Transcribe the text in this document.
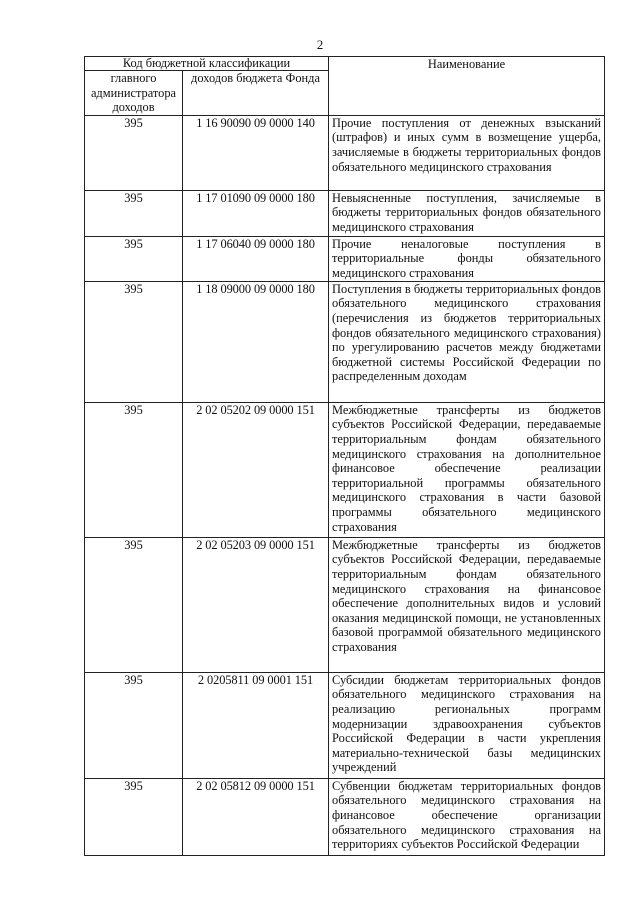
2
Код бюджетной классификации		Наименование
главного администратора доходов	доходов бюджета Фонда	
395	1 16 90090 09 0000 140	Прочие поступления от денежных взысканий (штрафов) и иных сумм в возмещение ущерба, зачисляемые в бюджеты территориальных фондов обязательного медицинского страхования
395	1 17 01090 09 0000 180	Невыясненные поступления, зачисляемые в бюджеты территориальных фондов обязательного медицинского страхования
395	1 17 06040 09 0000 180	Прочие неналоговые поступления в территориальные фонды обязательного медицинского страхования
395	1 18 09000 09 0000 180	Поступления в бюджеты территориальных фондов обязательного медицинского страхования (перечисления из бюджетов территориальных фондов обязательного медицинского страхования) по урегулированию расчетов между бюджетами бюджетной системы Российской Федерации по распределенным доходам
395	2 02 05202 09 0000 151	Межбюджетные трансферты из бюджетов субъектов Российской Федерации, передаваемые территориальным фондам обязательного медицинского страхования на дополнительное финансовое обеспечение реализации территориальной программы обязательного медицинского страхования в части базовой программы обязательного медицинского страхования
395	2 02 05203 09 0000 151	Межбюджетные трансферты из бюджетов субъектов Российской Федерации, передаваемые территориальным фондам обязательного медицинского страхования на финансовое обеспечение дополнительных видов и условий оказания медицинской помощи, не установленных базовой программой обязательного медицинского страхования
395	2 0205811 09 0001 151	Субсидии бюджетам территориальных фондов обязательного медицинского страхования на реализацию региональных программ модернизации здравоохранения субъектов Российской Федерации в части укрепления материально-технической базы медицинских учреждений
395	2 02 05812 09 0000 151	Субвенции бюджетам территориальных фондов обязательного медицинского страхования на финансовое обеспечение организации обязательного медицинского страхования на территориях субъектов Российской Федерации
